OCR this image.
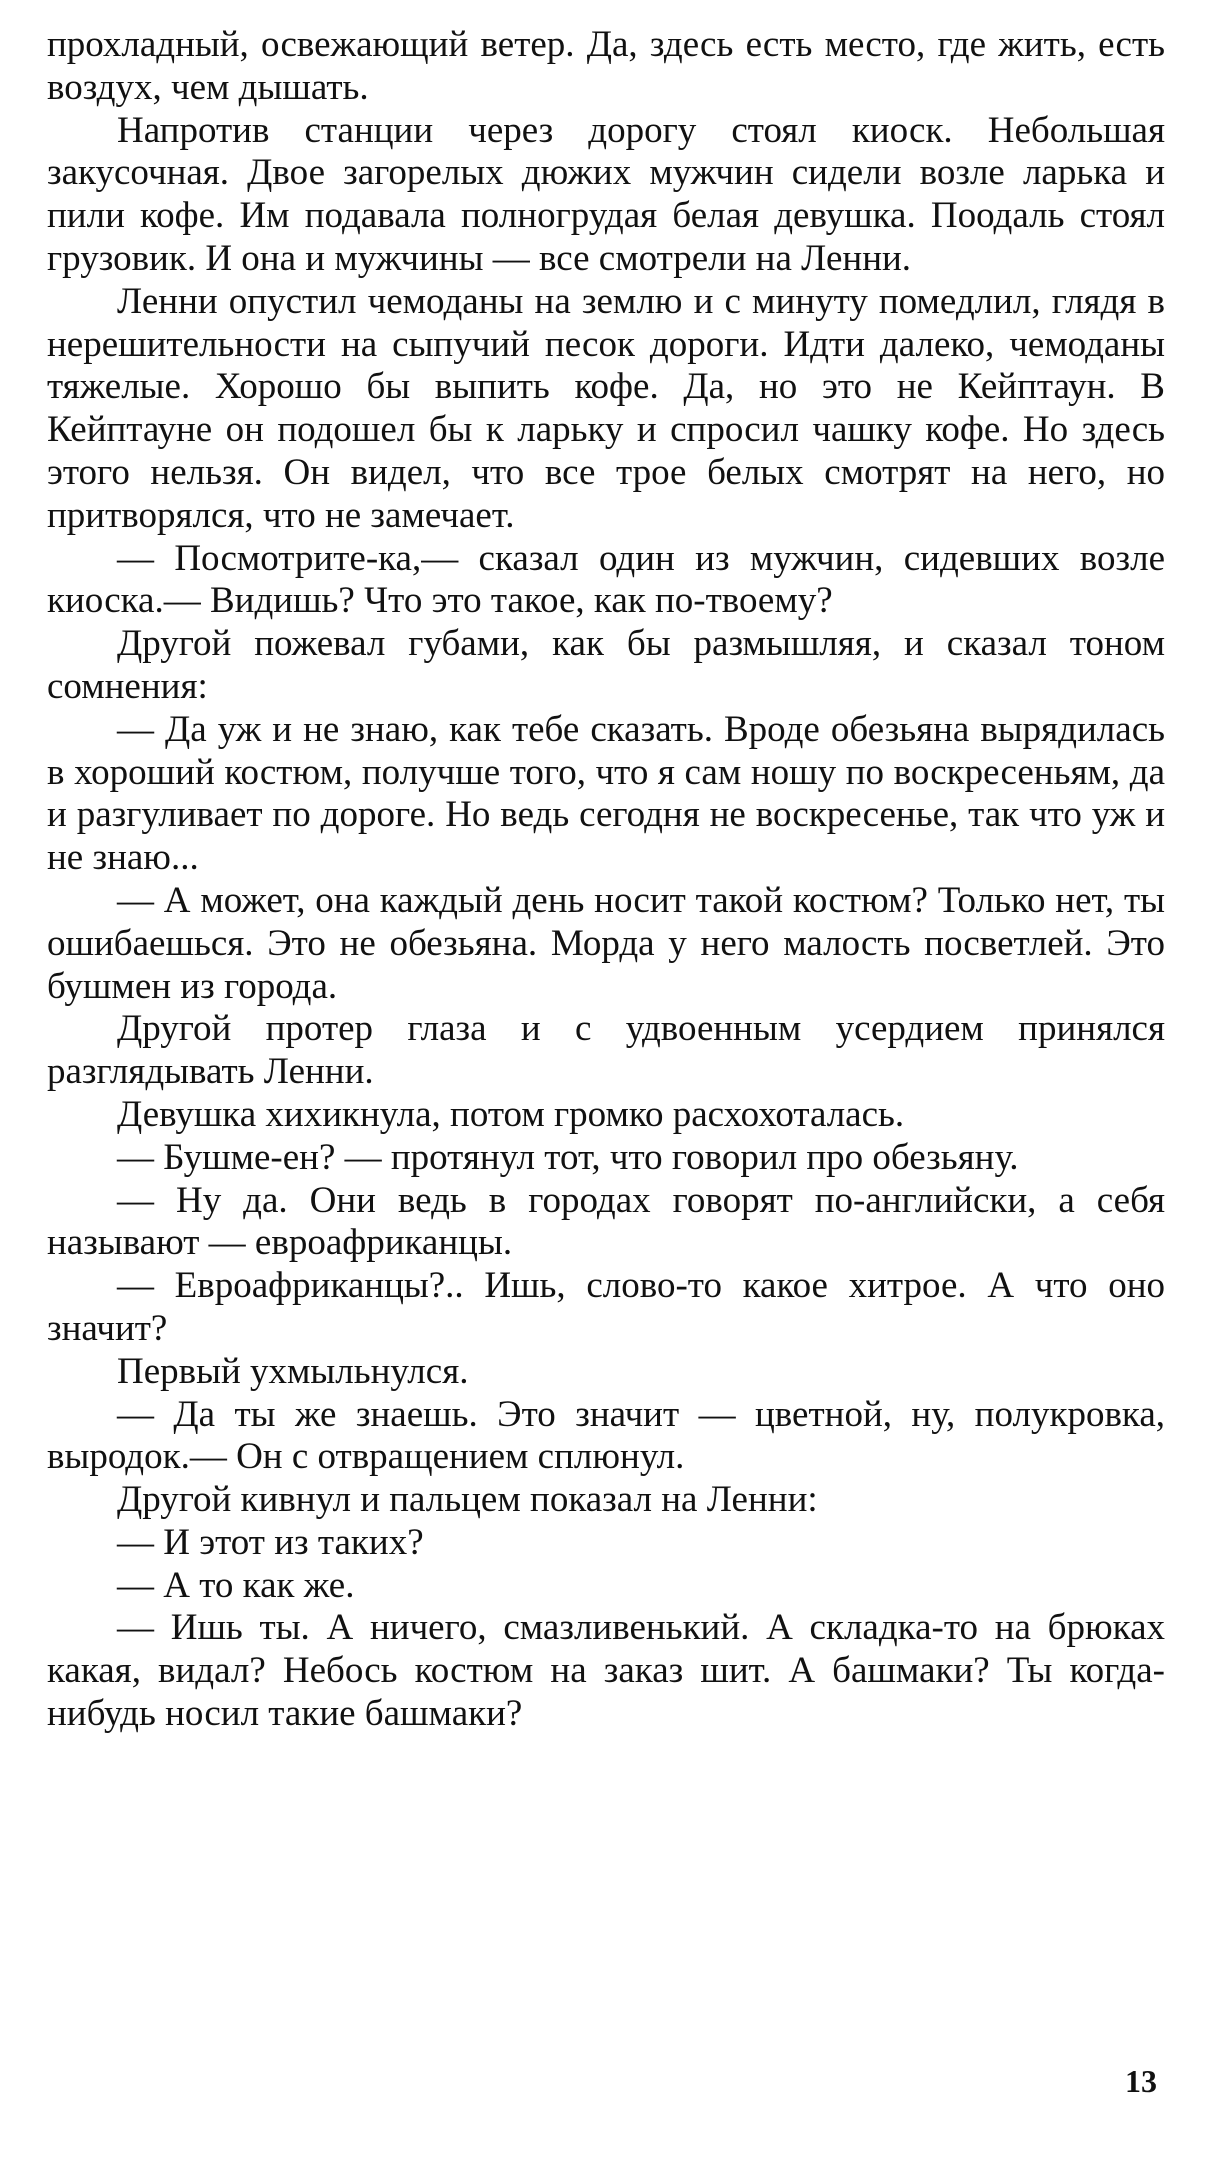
прохладный, освежающий ветер. Да, здесь есть место, где жить, есть воздух, чем дышать.

Напротив станции через дорогу стоял киоск. Небольшая закусочная. Двое загорелых дюжих мужчин сидели возле ларька и пили кофе. Им подавала полногрудая белая девушка. Поодаль стоял грузовик. И она и мужчины — все смотрели на Ленни.

Ленни опустил чемоданы на землю и с минуту помедлил, глядя в нерешительности на сыпучий песок дороги. Идти далеко, чемоданы тяжелые. Хорошо бы выпить кофе. Да, но это не Кейптаун. В Кейптауне он подошел бы к ларьку и спросил чашку кофе. Но здесь этого нельзя. Он видел, что все трое белых смотрят на него, но притворялся, что не замечает.

— Посмотрите-ка,— сказал один из мужчин, сидевших возле киоска.— Видишь? Что это такое, как по-твоему?

Другой пожевал губами, как бы размышляя, и сказал тоном сомнения:

— Да уж и не знаю, как тебе сказать. Вроде обезьяна вырядилась в хороший костюм, получше того, что я сам ношу по воскресеньям, да и разгуливает по дороге. Но ведь сегодня не воскресенье, так что уж и не знаю...

— А может, она каждый день носит такой костюм? Только нет, ты ошибаешься. Это не обезьяна. Морда у него малость посветлей. Это бушмен из города.

Другой протер глаза и с удвоенным усердием принялся разглядывать Ленни.

Девушка хихикнула, потом громко расхохоталась.

— Бушме-ен? — протянул тот, что говорил про обезьяну.

— Ну да. Они ведь в городах говорят по-английски, а себя называют — евроафриканцы.

— Евроафриканцы?.. Ишь, слово-то какое хитрое. А что оно значит?

Первый ухмыльнулся.

— Да ты же знаешь. Это значит — цветной, ну, полукровка, выродок.— Он с отвращением сплюнул.

Другой кивнул и пальцем показал на Ленни:

— И этот из таких?

— А то как же.

— Ишь ты. А ничего, смазливенький. А складка-то на брюках какая, видал? Небось костюм на заказ шит. А башмаки? Ты когда-нибудь носил такие башмаки?

13
